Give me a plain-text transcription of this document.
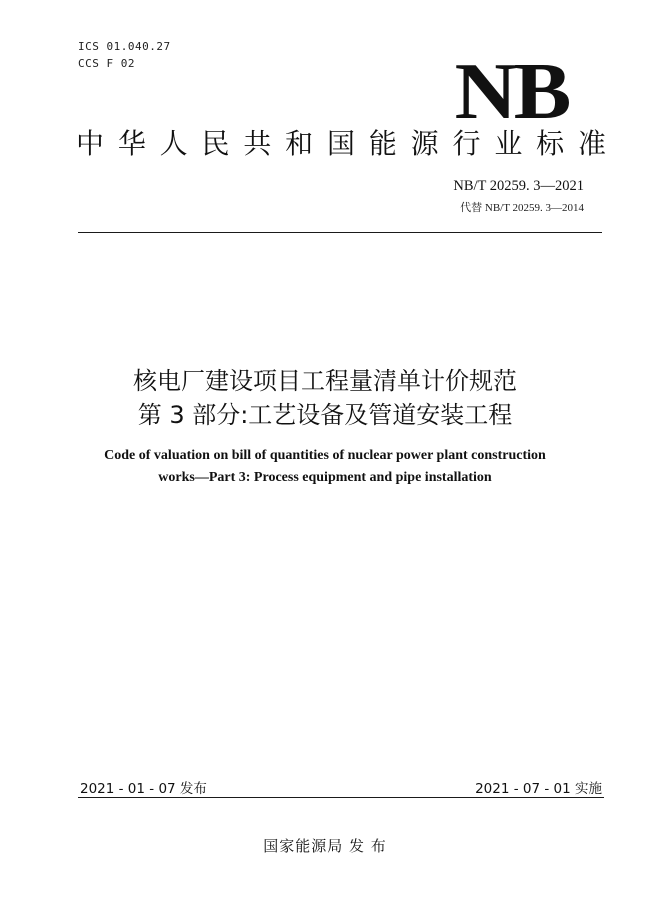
ICS 01.040.27
CCS F 02	NB
中华人民共和国能源行业标准
NB/T 20259. 3—2021
代替 NB/T 20259. 3—2014
核电厂建设项目工程量清单计价规范
第 3 部分:工艺设备及管道安装工程
Code of valuation on bill of quantities of nuclear power plant construction
works—Part 3: Process equipment and pipe installation
2021 - 01 - 07 发布	2021 - 07 - 01 实施
国家能源局 发 布
